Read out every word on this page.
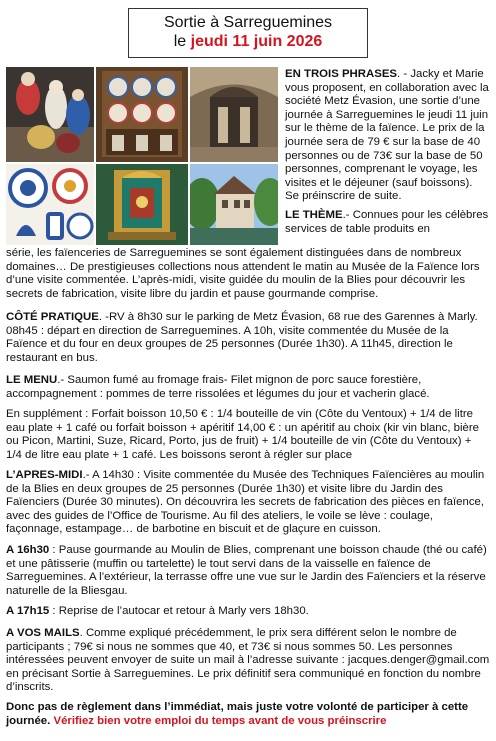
Sortie à Sarreguemines
le jeudi 11 juin 2026

EN TROIS PHRASES. - Jacky et Marie vous proposent, en collaboration avec la société Metz Évasion, une sortie d’une journée à Sarreguemines le jeudi 11 juin sur le thème de la faïence. Le prix de la journée sera de 79 € sur la base de 40 personnes ou de 73€ sur la base de 50 personnes, comprenant le voyage, les visites et le déjeuner (sauf boissons). Se préinscrire de suite.

LE THÈME.- Connues pour les célèbres services de table produits en

série, les faïenceries de Sarreguemines se sont également distinguées dans de nombreux domaines… De prestigieuses collections nous attendent le matin au Musée de la Faïence lors d’une visite commentée. L’après-midi, visite guidée du moulin de la Blies pour découvrir les secrets de fabrication, visite libre du jardin et pause gourmande comprise.

CÔTÉ PRATIQUE. -RV à 8h30 sur le parking de Metz Évasion, 68 rue des Garennes à Marly. 08h45 : départ en direction de Sarreguemines. A 10h, visite commentée du Musée de la Faïence et du four en deux groupes de 25 personnes (Durée 1h30). A 11h45, direction le restaurant en bus.

LE MENU.- Saumon fumé au fromage frais- Filet mignon de porc sauce forestière, accompagnement : pommes de terre rissolées et légumes du jour et vacherin glacé.

En supplément : Forfait boisson 10,50 € : 1/4 bouteille de vin (Côte du Ventoux) + 1/4 de litre eau plate + 1 café ou forfait boisson + apéritif 14,00 € : un apéritif au choix (kir vin blanc, bière ou Picon, Martini, Suze, Ricard, Porto, jus de fruit) + 1/4 bouteille de vin (Côte du Ventoux) + 1/4 de litre eau plate + 1 café. Les boissons seront à régler sur place

L’APRES-MIDI.- A 14h30 : Visite commentée du Musée des Techniques Faïencières au moulin de la Blies en deux groupes de 25 personnes (Durée 1h30) et visite libre du Jardin des Faïenciers (Durée 30 minutes). On découvrira les secrets de fabrication des pièces en faïence, avec des guides de l’Office de Tourisme. Au fil des ateliers, le voile se lève : coulage, façonnage, estampage… de barbotine en biscuit et de glaçure en cuisson.

A 16h30 : Pause gourmande au Moulin de Blies, comprenant une boisson chaude (thé ou café) et une pâtisserie (muffin ou tartelette) le tout servi dans de la vaisselle en faïence de Sarreguemines. A l’extérieur, la terrasse offre une vue sur le Jardin des Faïenciers et la réserve naturelle de la Bliesgau.

A 17h15 : Reprise de l’autocar et retour à Marly vers 18h30.

A VOS MAILS. Comme expliqué précédemment, le prix sera différent selon le nombre de participants ; 79€ si nous ne sommes que 40, et 73€ si nous sommes 50. Les personnes intéressées peuvent envoyer de suite un mail à l’adresse suivante : jacques.denger@gmail.com en précisant Sortie à Sarreguemines. Le prix définitif sera communiqué en fonction du nombre d’inscrits.

Donc pas de règlement dans l’immédiat, mais juste votre volonté de participer à cette journée. Vérifiez bien votre emploi du temps avant de vous préinscrire
